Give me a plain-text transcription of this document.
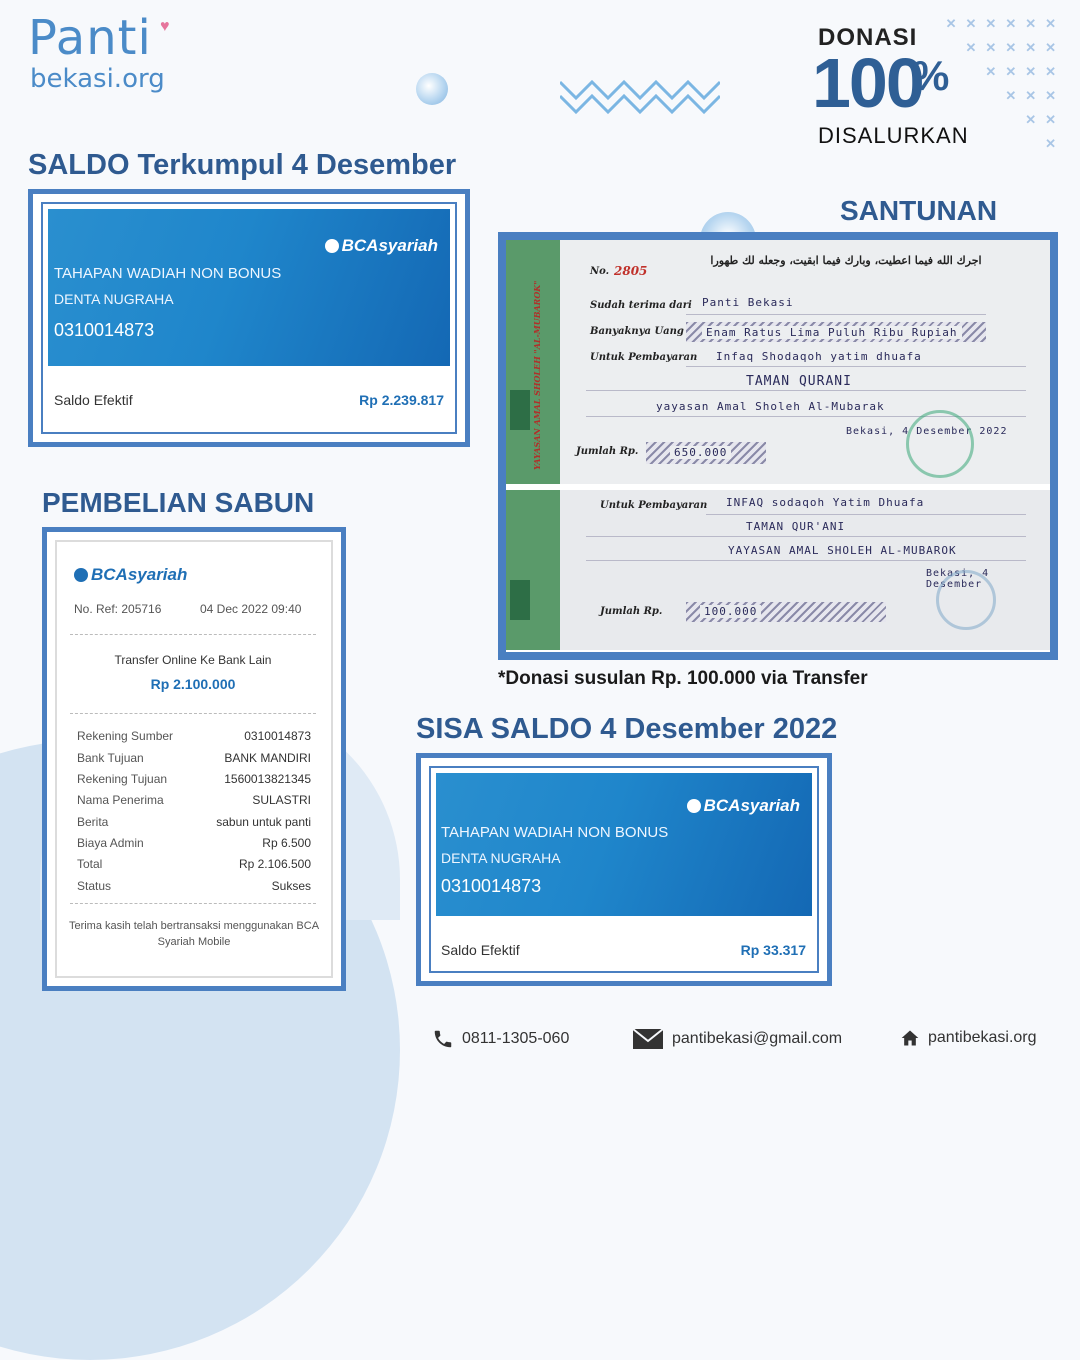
Panti ♥
bekasi.org
DONASI
100
%
DISALURKAN
✕✕✕✕✕✕
✕✕✕✕✕
✕✕✕✕
✕✕✕
✕✕
✕
SALDO Terkumpul 4 Desember
SANTUNAN
PEMBELIAN SABUN
SISA SALDO 4 Desember 2022
BCAsyariah
TAHAPAN WADIAH NON BONUS
DENTA NUGRAHA
0310014873
Saldo Efektif	Rp 2.239.817
BCAsyariah
TAHAPAN WADIAH NON BONUS
DENTA NUGRAHA
0310014873
Saldo Efektif	Rp 33.317
BCAsyariah
No. Ref: 205716	04 Dec 2022 09:40
Transfer Online Ke Bank Lain
Rp 2.100.000
Rekening Sumber	0310014873
Bank Tujuan	BANK MANDIRI
Rekening Tujuan	1560013821345
Nama Penerima	SULASTRI
Berita	sabun untuk panti
Biaya Admin	Rp 6.500
Total	Rp 2.106.500
Status	Sukses
Terima kasih telah bertransaksi menggunakan BCA Syariah Mobile
YAYASAN AMAL SHOLEH "AL-MUBAROK"
No. 2805
اجرك الله فيما اعطيت، وبارك فيما ابقيت، وجعله لك طهورا
Sudah terima dari Panti Bekasi
Banyaknya Uang	Enam Ratus Lima Puluh Ribu Rupiah
Untuk Pembayaran Infaq Shodaqoh yatim dhuafa
TAMAN QURANI
yayasan Amal Sholeh Al-Mubarak
Bekasi, 4 Desember 2022
Jumlah Rp.	650.000
Untuk Pembayaran INFAQ sodaqoh Yatim Dhuafa
TAMAN QUR'ANI
YAYASAN AMAL SHOLEH AL-MUBAROK
Bekasi, 4 Desember
Jumlah Rp.	100.000
*Donasi susulan Rp. 100.000 via Transfer
0811-1305-060	pantibekasi@gmail.com	pantibekasi.org
